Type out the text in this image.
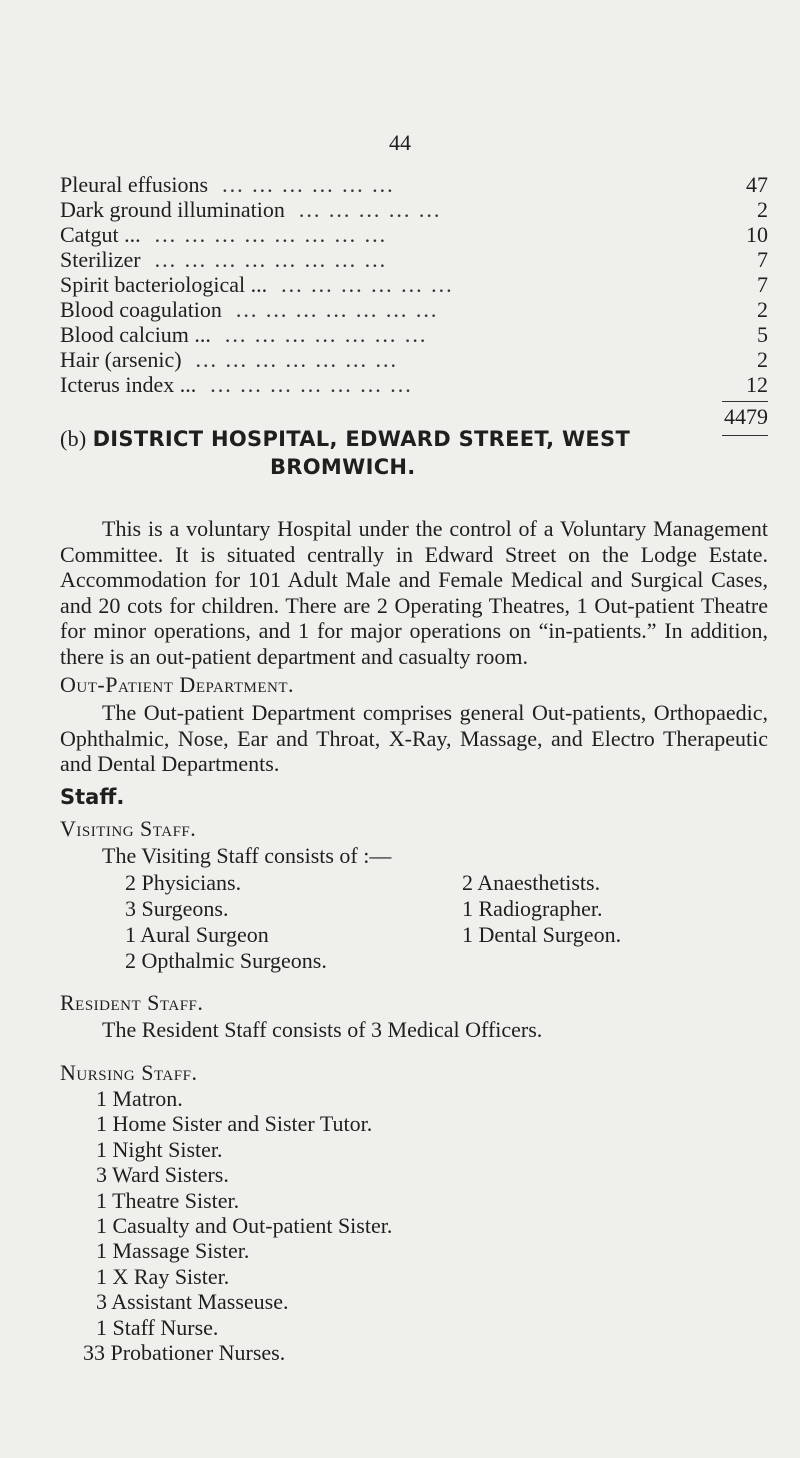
44
Pleural effusions ... ... ... ... ... ...	47
Dark ground illumination ... ... ... ... ...	2
Catgut ... ... ... ... ... ... ... ... ...	10
Sterilizer ... ... ... ... ... ... ... ...	7
Spirit bacteriological ... ... ... ... ... ... ...	7
Blood coagulation ... ... ... ... ... ... ...	2
Blood calcium ... ... ... ... ... ... ... ...	5
Hair (arsenic) ... ... ... ... ... ... ...	2
Icterus index ... ... ... ... ... ... ... ...	12
4479
(b) DISTRICT HOSPITAL, EDWARD STREET, WEST
BROMWICH.
This is a voluntary Hospital under the control of a Voluntary Management Committee. It is situated centrally in Edward Street on the Lodge Estate. Accommodation for 101 Adult Male and Female Medical and Surgical Cases, and 20 cots for children. There are 2 Operating Theatres, 1 Out-patient Theatre for minor operations, and 1 for major operations on “in-patients.” In addition, there is an out-patient department and casualty room.
Out-Patient Department.
The Out-patient Department comprises general Out-patients, Orthopaedic, Ophthalmic, Nose, Ear and Throat, X-Ray, Massage, and Electro Therapeutic and Dental Departments.
Staff.
Visiting Staff.
The Visiting Staff consists of :—
2 Physicians.
3 Surgeons.
1 Aural Surgeon
2 Opthalmic Surgeons.
2 Anaesthetists.
1 Radiographer.
1 Dental Surgeon.
Resident Staff.
The Resident Staff consists of 3 Medical Officers.
Nursing Staff.
1 Matron.
1 Home Sister and Sister Tutor.
1 Night Sister.
3 Ward Sisters.
1 Theatre Sister.
1 Casualty and Out-patient Sister.
1 Massage Sister.
1 X Ray Sister.
3 Assistant Masseuse.
1 Staff Nurse.
33 Probationer Nurses.
